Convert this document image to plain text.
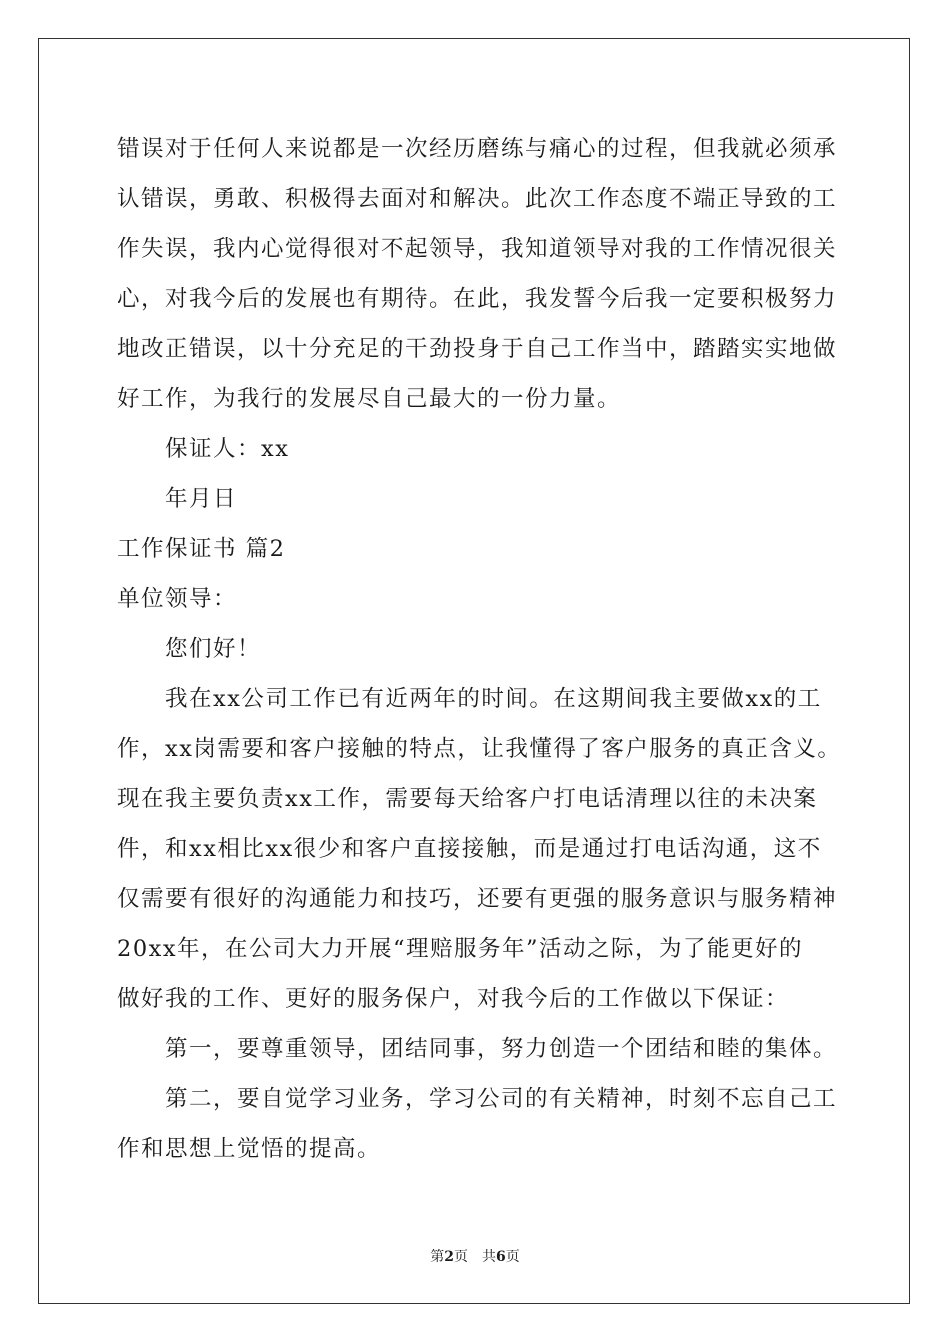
错误对于任何人来说都是一次经历磨练与痛心的过程，但我就必须承
认错误，勇敢、积极得去面对和解决。此次工作态度不端正导致的工
作失误，我内心觉得很对不起领导，我知道领导对我的工作情况很关
心，对我今后的发展也有期待。在此，我发誓今后我一定要积极努力
地改正错误，以十分充足的干劲投身于自己工作当中，踏踏实实地做
好工作，为我行的发展尽自己最大的一份力量。
保证人：xx
年月日
工作保证书 篇2
单位领导：
您们好！
我在xx公司工作已有近两年的时间。在这期间我主要做xx的工
作，xx岗需要和客户接触的特点，让我懂得了客户服务的真正含义。
现在我主要负责xx工作，需要每天给客户打电话清理以往的未决案
件，和xx相比xx很少和客户直接接触，而是通过打电话沟通，这不
仅需要有很好的沟通能力和技巧，还要有更强的服务意识与服务精神
20xx年，在公司大力开展“理赔服务年”活动之际，为了能更好的
做好我的工作、更好的服务保户，对我今后的工作做以下保证：
第一，要尊重领导，团结同事，努力创造一个团结和睦的集体。
第二，要自觉学习业务，学习公司的有关精神，时刻不忘自己工
作和思想上觉悟的提高。
第2页 共6页
